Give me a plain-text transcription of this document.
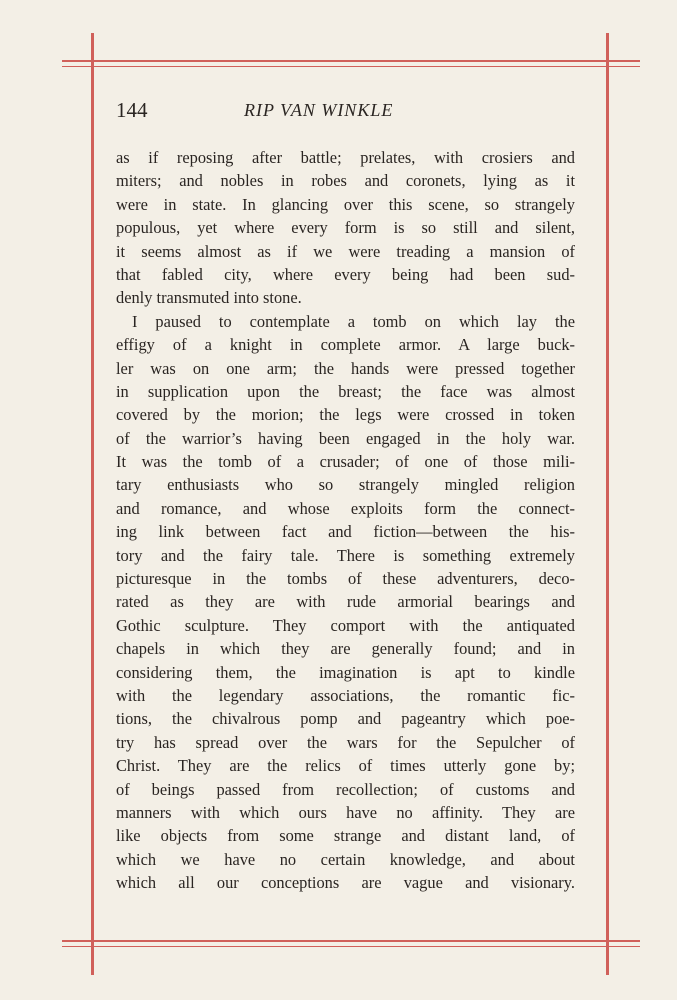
144	RIP VAN WINKLE
as if reposing after battle; prelates, with crosiers and
miters; and nobles in robes and coronets, lying as it
were in state. In glancing over this scene, so strangely
populous, yet where every form is so still and silent,
it seems almost as if we were treading a mansion of
that fabled city, where every being had been sud-
denly transmuted into stone.
I paused to contemplate a tomb on which lay the
effigy of a knight in complete armor. A large buck-
ler was on one arm; the hands were pressed together
in supplication upon the breast; the face was almost
covered by the morion; the legs were crossed in token
of the warrior’s having been engaged in the holy war.
It was the tomb of a crusader; of one of those mili-
tary enthusiasts who so strangely mingled religion
and romance, and whose exploits form the connect-
ing link between fact and fiction—between the his-
tory and the fairy tale. There is something extremely
picturesque in the tombs of these adventurers, deco-
rated as they are with rude armorial bearings and
Gothic sculpture. They comport with the antiquated
chapels in which they are generally found; and in
considering them, the imagination is apt to kindle
with the legendary associations, the romantic fic-
tions, the chivalrous pomp and pageantry which poe-
try has spread over the wars for the Sepulcher of
Christ. They are the relics of times utterly gone by;
of beings passed from recollection; of customs and
manners with which ours have no affinity. They are
like objects from some strange and distant land, of
which we have no certain knowledge, and about
which all our conceptions are vague and visionary.
